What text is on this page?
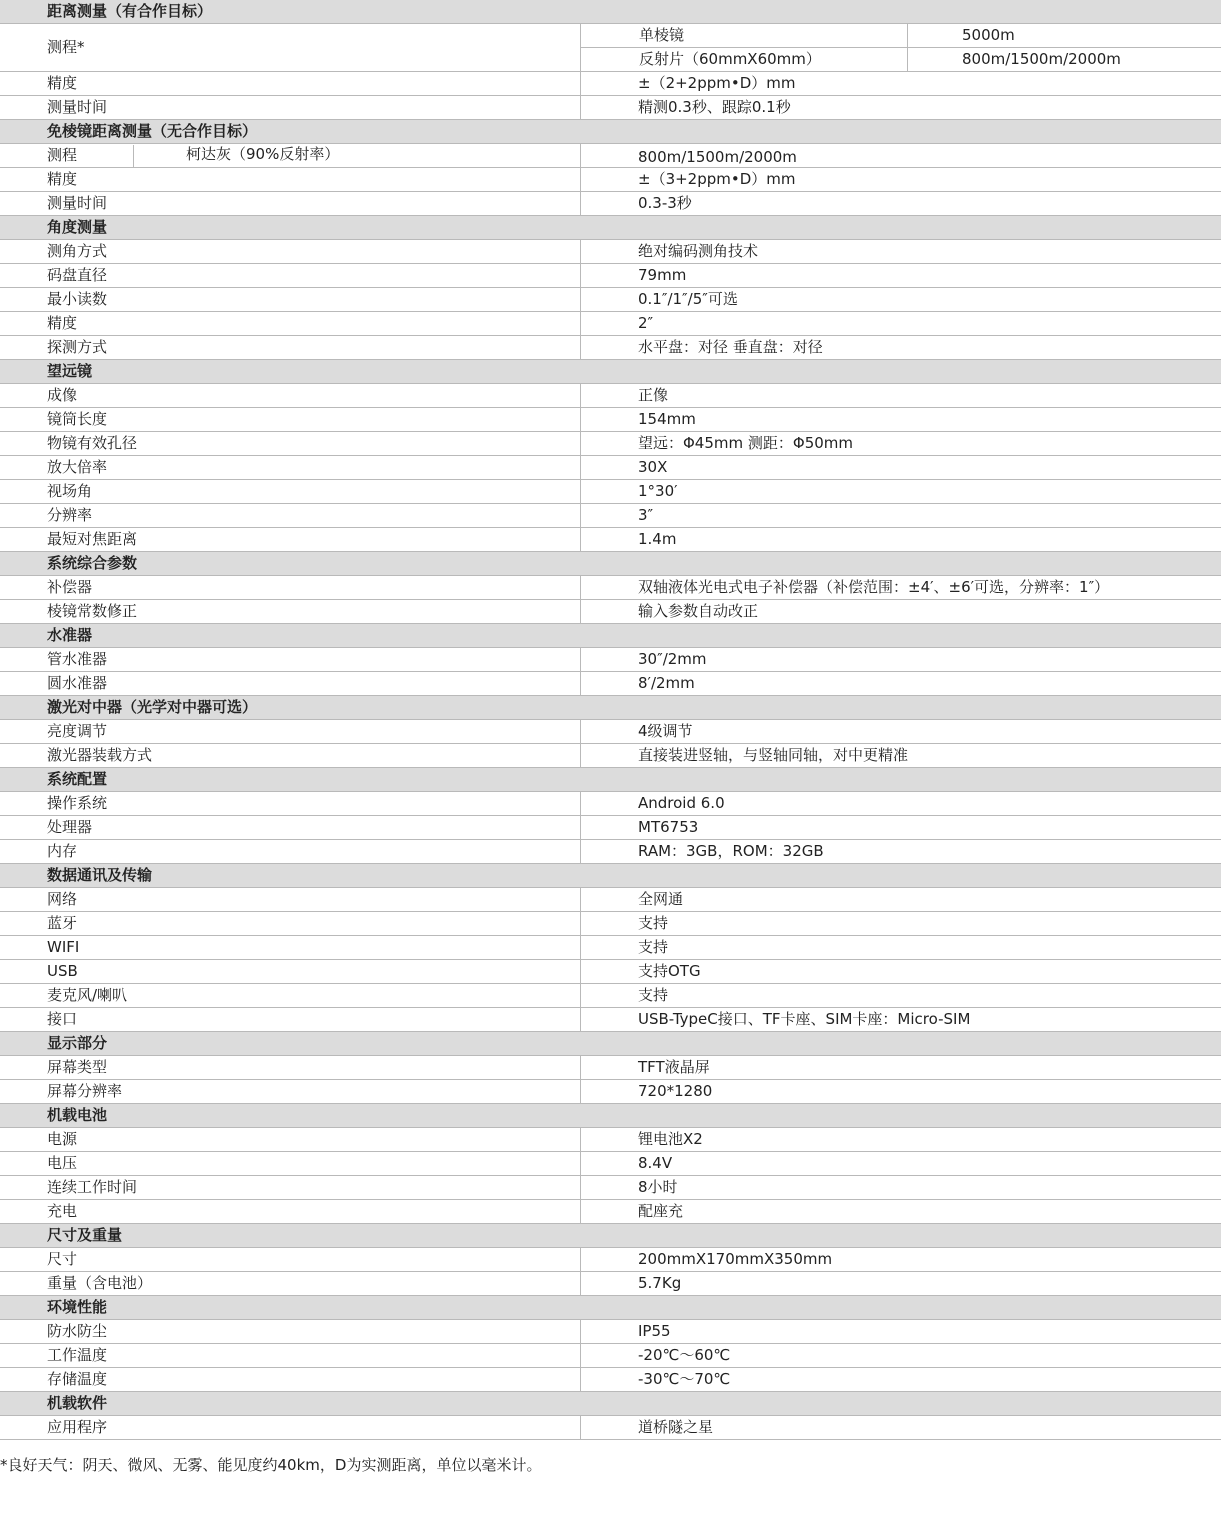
距离测量（有合作目标）
测程*
单棱镜	5000m
反射片（60mmX60mm）	800m/1500m/2000m
精度	±（2+2ppm•D）mm
测量时间	精测0.3秒、跟踪0.1秒
免棱镜距离测量（无合作目标）
测程	柯达灰（90%反射率）	800m/1500m/2000m
精度	±（3+2ppm•D）mm
测量时间	0.3-3秒
角度测量
测角方式	绝对编码测角技术
码盘直径	79mm
最小读数	0.1″/1″/5″可选
精度	2″
探测方式	水平盘：对径 垂直盘：对径
望远镜
成像	正像
镜筒长度	154mm
物镜有效孔径	望远：Φ45mm 测距：Φ50mm
放大倍率	30X
视场角	1°30′
分辨率	3″
最短对焦距离	1.4m
系统综合参数
补偿器	双轴液体光电式电子补偿器（补偿范围：±4′、±6′可选，分辨率：1″）
棱镜常数修正	输入参数自动改正
水准器
管水准器	30″/2mm
圆水准器	8′/2mm
激光对中器（光学对中器可选）
亮度调节	4级调节
激光器装载方式	直接装进竖轴，与竖轴同轴，对中更精准
系统配置
操作系统	Android 6.0
处理器	MT6753
内存	RAM：3GB，ROM：32GB
数据通讯及传输
网络	全网通
蓝牙	支持
WIFI	支持
USB	支持OTG
麦克风/喇叭	支持
接口	USB-TypeC接口、TF卡座、SIM卡座：Micro-SIM
显示部分
屏幕类型	TFT液晶屏
屏幕分辨率	720*1280
机载电池
电源	锂电池X2
电压	8.4V
连续工作时间	8小时
充电	配座充
尺寸及重量
尺寸	200mmX170mmX350mm
重量（含电池）	5.7Kg
环境性能
防水防尘	IP55
工作温度	-20℃～60℃
存储温度	-30℃～70℃
机载软件
应用程序	道桥隧之星
*良好天气：阴天、微风、无雾、能见度约40km，D为实测距离，单位以毫米计。
